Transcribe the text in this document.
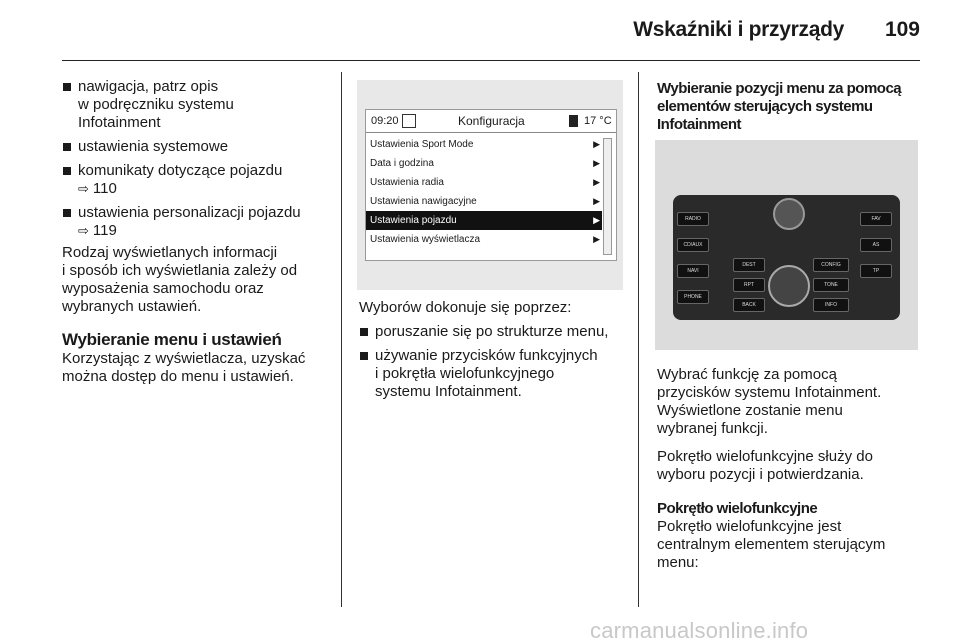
Wskaźniki i przyrządy 109
nawigacja, patrz opis
w podręczniku systemu
Infotainment
ustawienia systemowe
komunikaty dotyczące pojazdu
⇨ 110
ustawienia personalizacji pojazdu
⇨ 119

Rodzaj wyświetlanych informacji
i sposób ich wyświetlania zależy od
wyposażenia samochodu oraz
wybranych ustawień.

Wybieranie menu i ustawień

Korzystając z wyświetlacza, uzyskać
można dostęp do menu i ustawień.

09:20	Konfiguracja	17 °C
Ustawienia Sport Mode	▶
Data i godzina	▶
Ustawienia radia	▶
Ustawienia nawigacyjne	▶
Ustawienia pojazdu	▶
Ustawienia wyświetlacza	▶

Wyborów dokonuje się poprzez:

poruszanie się po strukturze menu,
używanie przycisków funkcyjnych
i pokrętła wielofunkcyjnego
systemu Infotainment.
Wybieranie pozycji menu za pomocą
elementów sterujących systemu
Infotainment
RADIO
CD/AUX
NAVI
PHONE
DEST
RPT
BACK
CONFIG
TONE
INFO
TP
FAV
AS

Wybrać funkcję za pomocą
przycisków systemu Infotainment.
Wyświetlone zostanie menu
wybranej funkcji.

Pokrętło wielofunkcyjne służy do
wyboru pozycji i potwierdzania.

Pokrętło wielofunkcyjne

Pokrętło wielofunkcyjne jest
centralnym elementem sterującym
menu:

carmanualsonline.info
